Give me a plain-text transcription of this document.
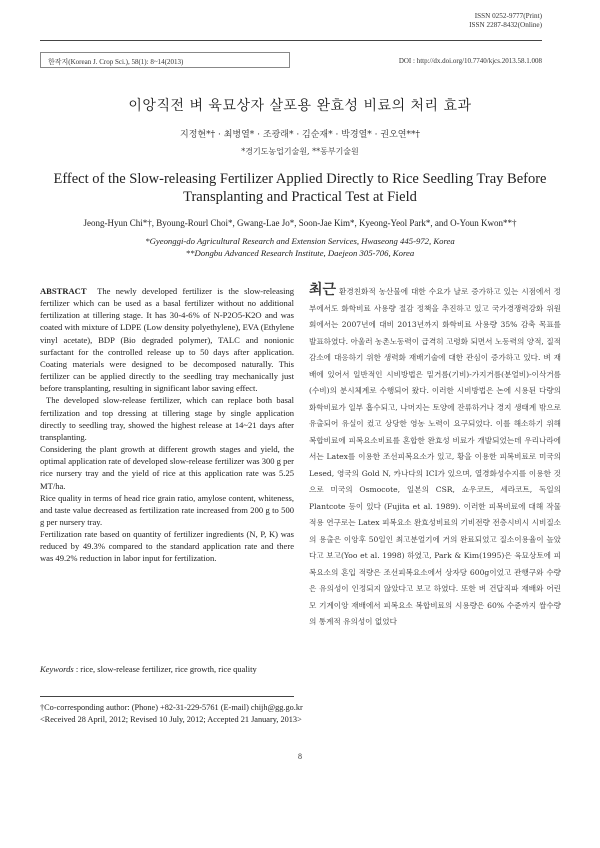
ISSN 0252-9777(Print)
ISSN 2287-8432(Online)
한작지(Korean J. Crop Sci.), 58(1): 8~14(2013)	DOI : http://dx.doi.org/10.7740/kjcs.2013.58.1.008
이앙직전 벼 육묘상자 살포용 완효성 비료의 처리 효과
지정현*† · 최병열* · 조광래* · 김순재* · 박경열* · 권오연**†
*경기도농업기술원, **동부기술원
Effect of the Slow-releasing Fertilizer Applied Directly to Rice Seedling Tray Before
Transplanting and Practical Test at Field
Jeong-Hyun Chi*†, Byoung-Rourl Choi*, Gwang-Lae Jo*, Soon-Jae Kim*, Kyeong-Yeol Park*, and O-Youn Kwon**†
*Gyeonggi-do Agricultural Research and Extension Services, Hwaseong 445-972, Korea
**Dongbu Advanced Research Institute, Daejeon 305-706, Korea

ABSTRACT The newly developed fertilizer is the slow-releasing fertilizer which can be used as a basal fertilizer without no additional fertilization at tillering stage. It has 30-4-6% of N-P2O5-K2O and was coated with mixture of LDPE (Low density polyethylene), EVA (Ethylene vinyl acetate), BDP (Bio degraded polymer), TALC and nonionic surfactant for the controlled release up to 50 days after application. Coating materials were designed to be decomposed naturally. This fertilizer can be applied directly to the seedling tray mechanically just before transplanting, resulting in significant labor saving effect.

The developed slow-release fertilizer, which can replace both basal fertilization and top dressing at tillering stage by single application directly to seedling tray, showed the highest release at 14~21 days after transplanting.

Considering the plant growth at different growth stages and yield, the optimal application rate of developed slow-release fertilizer was 300 g per rice nursery tray and the yield of rice at this application rate was 5.25 MT/ha.

Rice quality in terms of head rice grain ratio, amylose content, whiteness, and taste value decreased as fertilization rate increased from 200 g to 500 g per nursery tray.

Fertilization rate based on quantity of fertilizer ingredients (N, P, K) was reduced by 49.3% compared to the standard application rate and there was 49.2% reduction in labor input for fertilization.

Keywords : rice, slow-release fertilizer, rice growth, rice quality
최근 환경친화적 농산물에 대한 수요가 날로 증가하고 있는 시점에서 정부에서도 화학비료 사용량 절감 정책을 추진하고 있고 국가경쟁력강화 위원회에서는 2007년에 대비 2013년까지 화학비료 사용량 35% 감축 목표를 발표하였다. 아울러 농촌노동력이 급격히 고령화 되면서 노동력의 양적, 질적 감소에 대응하기 위한 생력화 재배기술에 대한 관심이 증가하고 있다. 벼 재배에 있어서 일반적인 시비방법은 밑거름(기비)-가지거름(분얼비)-이삭거름(수비)의 분시체계로 수행되어 왔다. 이러한 시비방법은 논에 시용된 다량의 화학비료가 일부 흡수되고, 나머지는 토양에 잔류하거나 경지 생태계 밖으로 유출되어 유실이 컸고 상당한 영농 노력이 요구되었다. 이를 해소하기 위해 복합비료에 피복요소비료를 혼합한 완효성 비료가 개발되었는데 우리나라에서는 Latex를 이용한 조선피복요소가 있고, 황을 이용한 피복비료로 미국의 Lesed, 영국의 Gold N, 카나다의 ICI가 있으며, 열경화성수지를 이용한 것으로 미국의 Osmocote, 일본의 CSR, 쇼우코트, 세라코트, 독일의 Plantcote 등이 있다 (Fujita et al. 1989). 이러한 피복비료에 대해 작물적용 연구로는 Latex 피복요소 완효성비료의 기비전량 전층시비시 시비질소의 용출은 이앙후 50일인 최고분얼기에 거의 완료되었고 질소이용율이 높았다고 보고(Yoo et al. 1998) 하였고, Park & Kim(1995)은 육묘상토에 피복요소의 혼입 적량은 조선피복요소에서 상자당 600g이었고 관행구와 수량은 유의성이 인정되지 않았다고 보고 하였다. 또한 벼 건답직파 재배와 어린모 기계이앙 재배에서 피복요소 복합비료의 시용량은 60% 수준까지 쌀수량의 통계적 유의성이 없었다
†Co-corresponding author: (Phone) +82-31-229-5761 (E-mail) chijh@gg.go.kr
<Received 28 April, 2012; Revised 10 July, 2012; Accepted 21 January, 2013>
8
